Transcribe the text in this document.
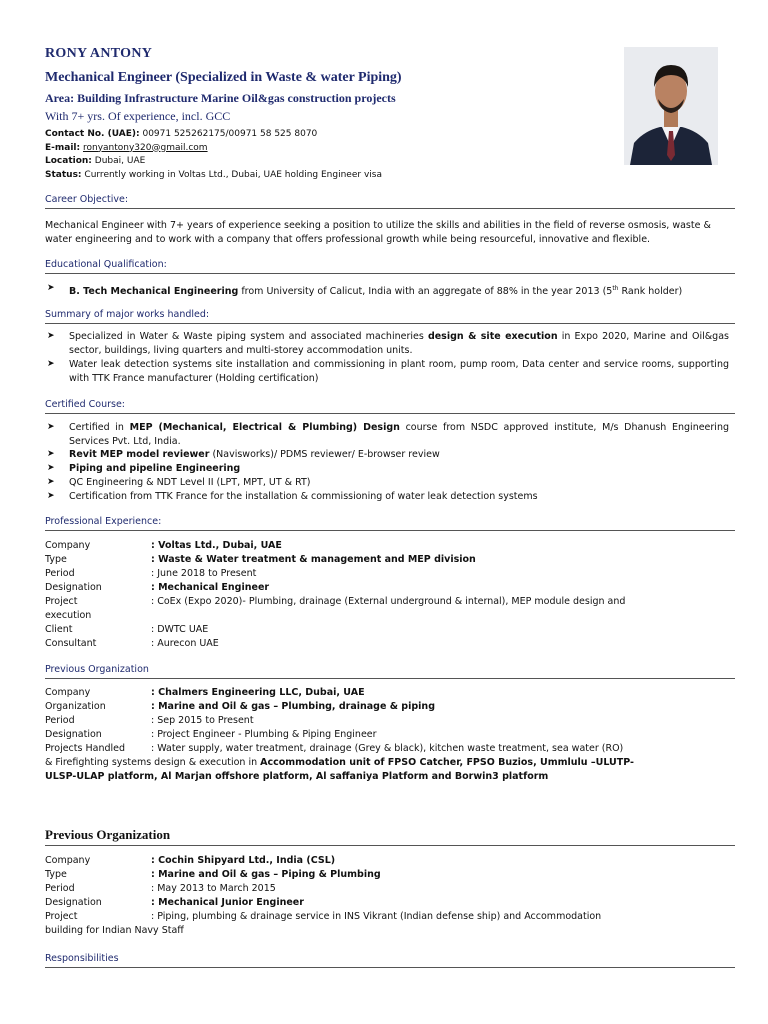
RONY ANTONY
Mechanical Engineer (Specialized in Waste & water Piping)
Area: Building Infrastructure Marine Oil&gas construction projects
With 7+ yrs. Of experience, incl. GCC
Contact No. (UAE): 00971 525262175/00971 58 525 8070
E-mail: ronyantony320@gmail.com
Location: Dubai, UAE
Status: Currently working in Voltas Ltd., Dubai, UAE holding Engineer visa
Career Objective:
Mechanical Engineer with 7+ years of experience seeking a position to utilize the skills and abilities in the field of reverse osmosis, waste & water engineering and to work with a company that offers professional growth while being resourceful, innovative and flexible.
Educational Qualification:
➤ B. Tech Mechanical Engineering from University of Calicut, India with an aggregate of 88% in the year 2013 (5th Rank holder)
Summary of major works handled:
➤ Specialized in Water & Waste piping system and associated machineries design & site execution in Expo 2020, Marine and Oil&gas sector, buildings, living quarters and multi-storey accommodation units.
➤ Water leak detection systems site installation and commissioning in plant room, pump room, Data center and service rooms, supporting with TTK France manufacturer (Holding certification)
Certified Course:
➤ Certified in MEP (Mechanical, Electrical & Plumbing) Design course from NSDC approved institute, M/s Dhanush Engineering Services Pvt. Ltd, India.
➤ Revit MEP model reviewer (Navisworks)/ PDMS reviewer/ E-browser review
➤ Piping and pipeline Engineering
➤ QC Engineering & NDT Level II (LPT, MPT, UT & RT)
➤ Certification from TTK France for the installation & commissioning of water leak detection systems
Professional Experience:
Company	: Voltas Ltd., Dubai, UAE
Type	: Waste & Water treatment & management and MEP division
Period	: June 2018 to Present
Designation	: Mechanical Engineer
Project	: CoEx (Expo 2020)- Plumbing, drainage (External underground & internal), MEP module design and
execution
Client	: DWTC UAE
Consultant	: Aurecon UAE
Previous Organization
Company	: Chalmers Engineering LLC, Dubai, UAE
Organization	: Marine and Oil & gas – Plumbing, drainage & piping
Period	: Sep 2015 to Present
Designation	: Project Engineer - Plumbing & Piping Engineer
Projects Handled	: Water supply, water treatment, drainage (Grey & black), kitchen waste treatment, sea water (RO)
& Firefighting systems design & execution in Accommodation unit of FPSO Catcher, FPSO Buzios, Ummlulu –ULUTP-
ULSP-ULAP platform, Al Marjan offshore platform, Al saffaniya Platform and Borwin3 platform
Previous Organization
Company	: Cochin Shipyard Ltd., India (CSL)
Type	: Marine and Oil & gas – Piping & Plumbing
Period	: May 2013 to March 2015
Designation	: Mechanical Junior Engineer
Project	: Piping, plumbing & drainage service in INS Vikrant (Indian defense ship) and Accommodation
building for Indian Navy Staff
Responsibilities
